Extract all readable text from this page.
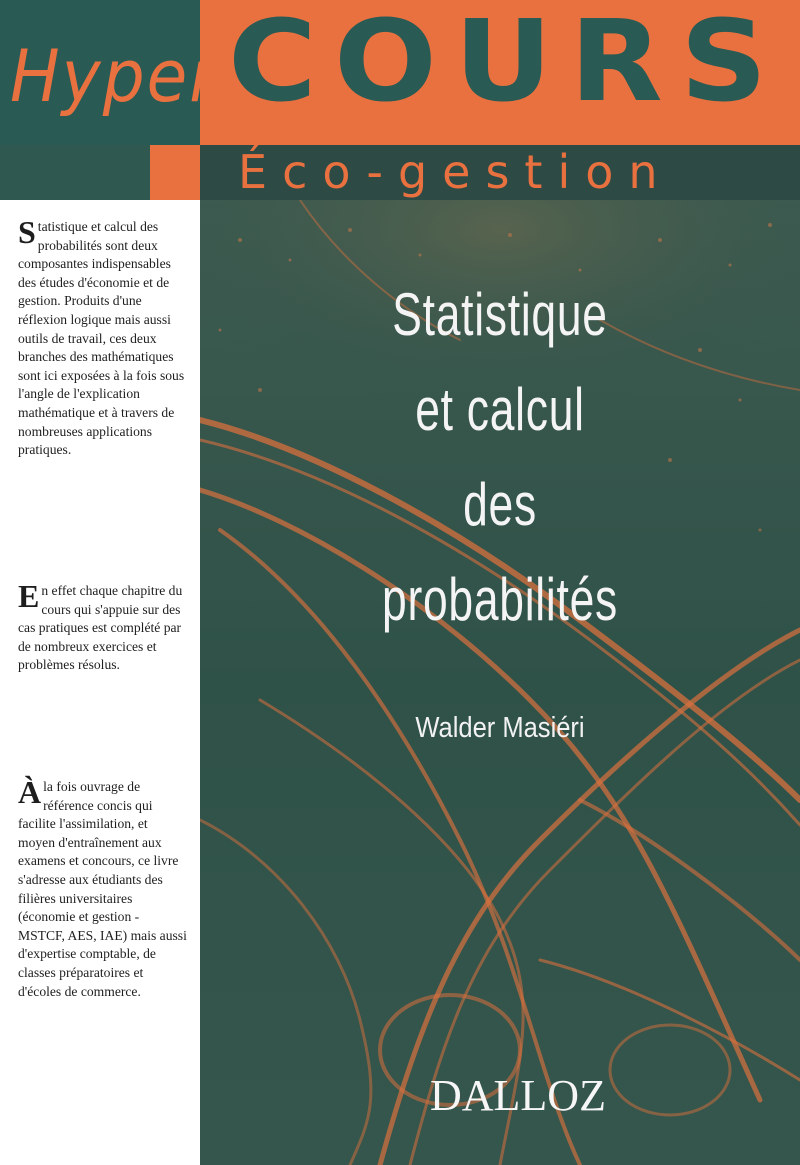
Hyper COURS
Éco-gestion

Statistique et calcul des probabilités sont deux composantes indispensables des études d'économie et de gestion. Produits d'une réflexion logique mais aussi outils de travail, ces deux branches des mathématiques sont ici exposées à la fois sous l'angle de l'explication mathématique et à travers de nombreuses applications pratiques.

En effet chaque chapitre du cours qui s'appuie sur des cas pratiques est complété par de nombreux exercices et problèmes résolus.

Àla fois ouvrage de référence concis qui facilite l'assimilation, et moyen d'entraînement aux examens et concours, ce livre s'adresse aux étudiants des filières universitaires (économie et gestion - MSTCF, AES, IAE) mais aussi d'expertise comptable, de classes préparatoires et d'écoles de commerce.

Statistique
et calcul
des
probabilités
Walder Masiéri
DALLOZ
